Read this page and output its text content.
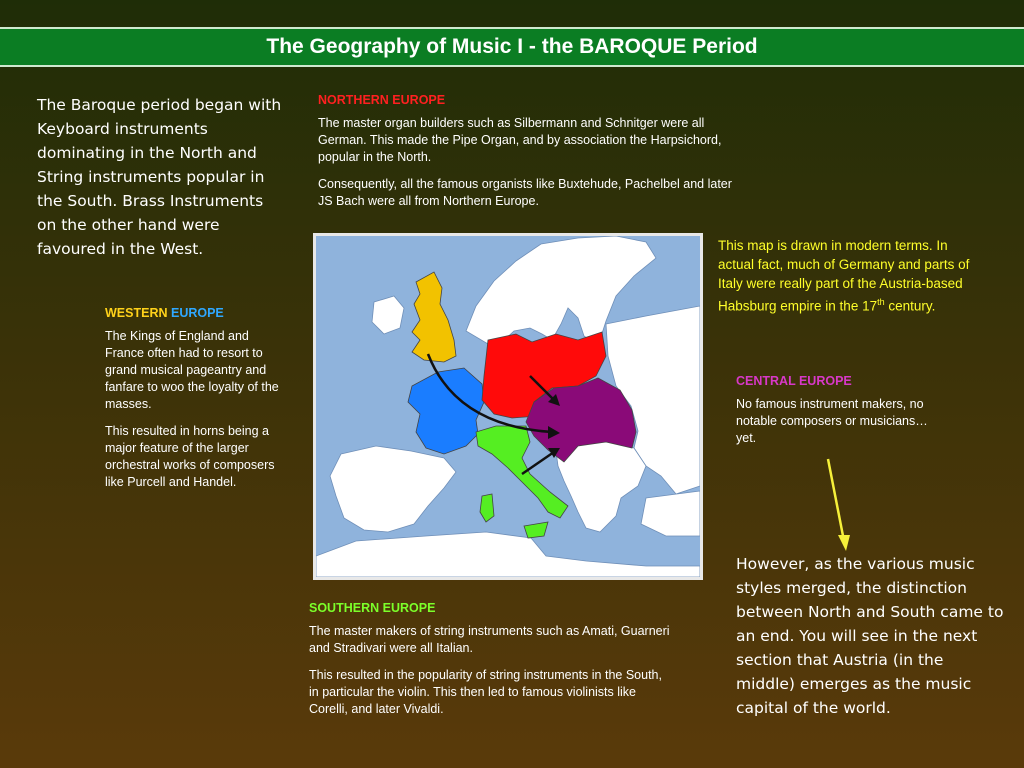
The Geography of Music I - the BAROQUE Period
The Baroque period began with Keyboard instruments dominating in the North and String instruments popular in the South. Brass Instruments on the other hand were favoured in the West.
NORTHERN EUROPE

The master organ builders such as Silbermann and Schnitger were all German. This made the Pipe Organ, and by association the Harpsichord, popular in the North.

Consequently, all the famous organists like Buxtehude, Pachelbel and later JS Bach were all from Northern Europe.

WESTERN EUROPE

The Kings of England and France often had to resort to grand musical pageantry and fanfare to woo the loyalty of the masses.

This resulted in horns being a major feature of the larger orchestral works of composers like Purcell and Handel.

SOUTHERN EUROPE

The master makers of string instruments such as Amati, Guarneri and Stradivari were all Italian.

This resulted in the popularity of string instruments in the South, in particular the violin. This then led to famous violinists like Corelli, and later Vivaldi.

CENTRAL EUROPE

No famous instrument makers, no notable composers or musicians… yet.

This map is drawn in modern terms. In actual fact, much of Germany and parts of Italy were really part of the Austria-based Habsburg empire in the 17th century.
However, as the various music styles merged, the distinction between North and South came to an end. You will see in the next section that Austria (in the middle) emerges as the music capital of the world.
